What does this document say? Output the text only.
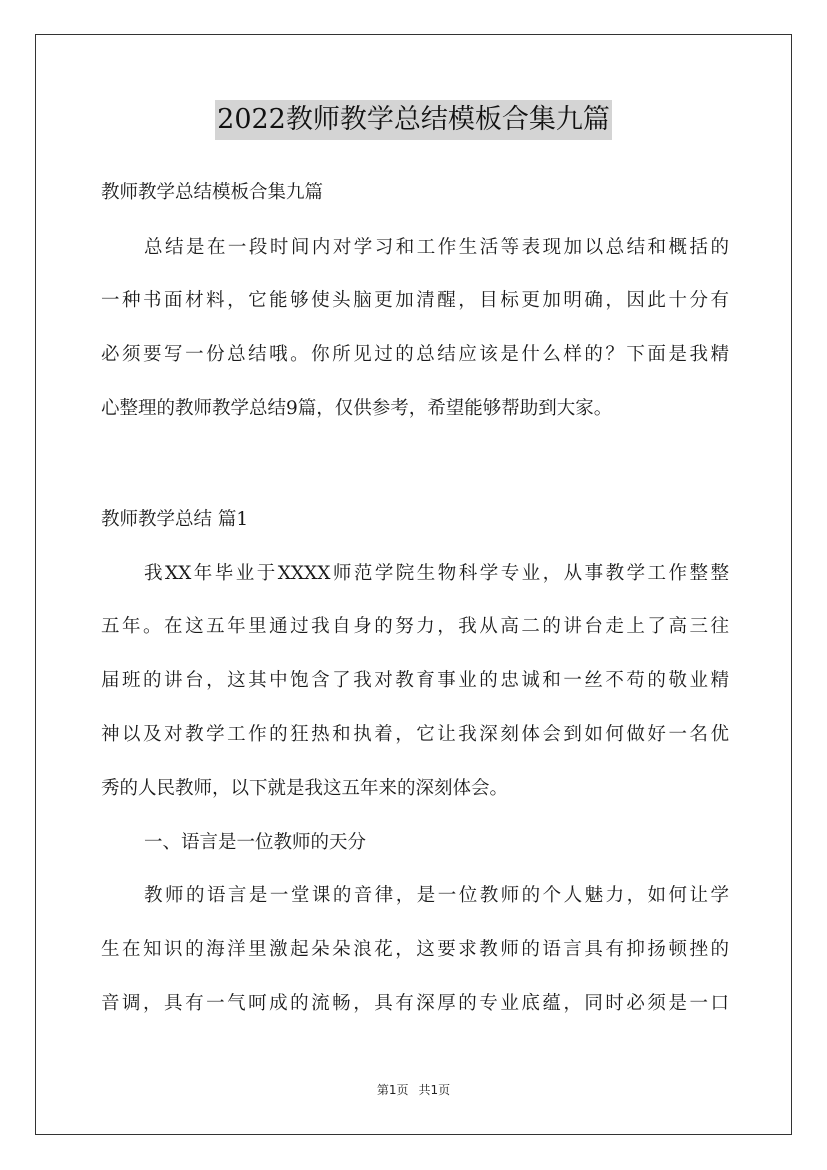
2022教师教学总结模板合集九篇
教师教学总结模板合集九篇
总结是在一段时间内对学习和工作生活等表现加以总结和概括的
一种书面材料，它能够使头脑更加清醒，目标更加明确，因此十分有
必须要写一份总结哦。你所见过的总结应该是什么样的？下面是我精
心整理的教师教学总结9篇，仅供参考，希望能够帮助到大家。
教师教学总结 篇1
我XX年毕业于XXXX师范学院生物科学专业，从事教学工作整整
五年。在这五年里通过我自身的努力，我从高二的讲台走上了高三往
届班的讲台，这其中饱含了我对教育事业的忠诚和一丝不苟的敬业精
神以及对教学工作的狂热和执着，它让我深刻体会到如何做好一名优
秀的人民教师，以下就是我这五年来的深刻体会。
一、语言是一位教师的天分
教师的语言是一堂课的音律，是一位教师的个人魅力，如何让学
生在知识的海洋里激起朵朵浪花，这要求教师的语言具有抑扬顿挫的
音调，具有一气呵成的流畅，具有深厚的专业底蕴，同时必须是一口
第1页 共1页
